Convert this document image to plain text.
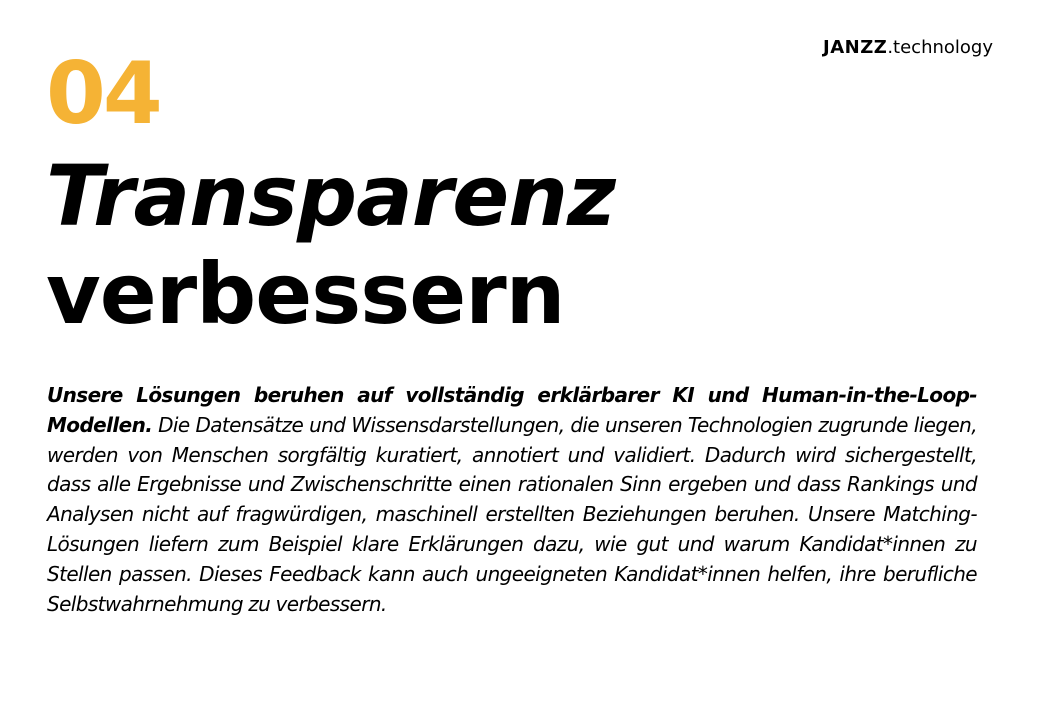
JANZZ.technology
04
Transparenz
verbessern

Unsere Lösungen beruhen auf vollständig erklärbarer KI und Human-in-the-Loop-Modellen. Die Datensätze und Wissensdarstellungen, die unseren Technologien zugrunde liegen, werden von Menschen sorgfältig kuratiert, annotiert und validiert. Dadurch wird sichergestellt, dass alle Ergebnisse und Zwischenschritte einen rationalen Sinn ergeben und dass Rankings und Analysen nicht auf fragwürdigen, maschinell erstellten Beziehungen beruhen. Unsere Matching-Lösungen liefern zum Beispiel klare Erklärungen dazu, wie gut und warum Kandidat*innen zu Stellen passen. Dieses Feedback kann auch ungeeigneten Kandidat*innen helfen, ihre berufliche Selbstwahrnehmung zu verbessern.
